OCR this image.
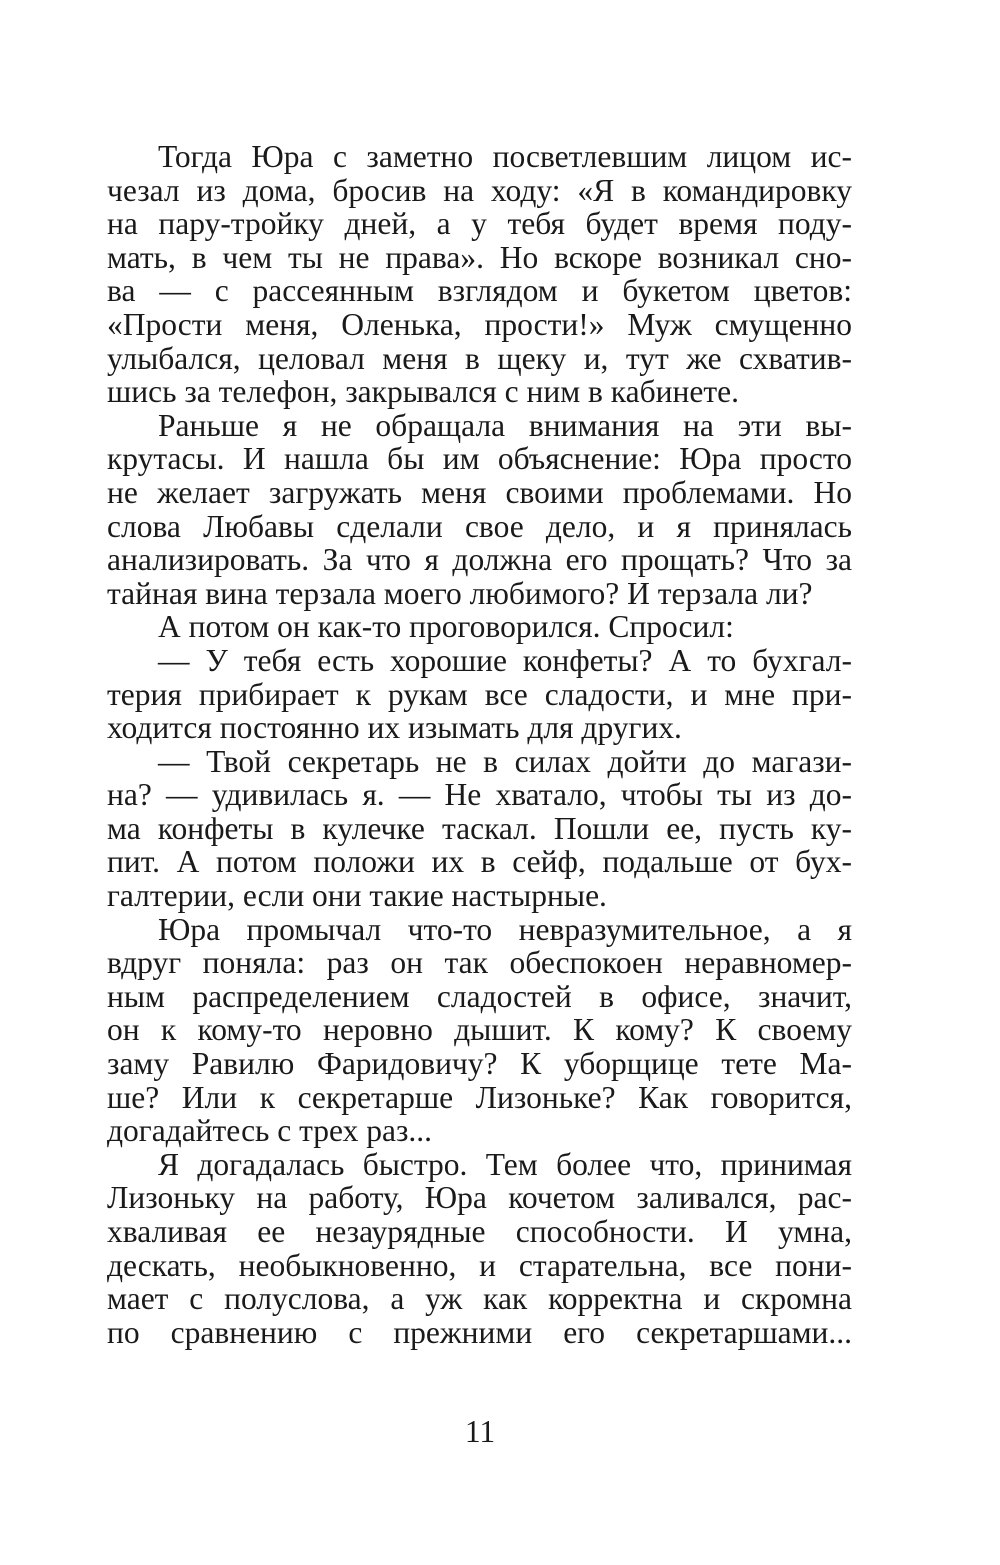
Тогда Юра с заметно посветлевшим лицом ис-
чезал из дома, бросив на ходу: «Я в командировку
на пару-тройку дней, а у тебя будет время поду-
мать, в чем ты не права». Но вскоре возникал сно-
ва — с рассеянным взглядом и букетом цветов:
«Прости меня, Оленька, прости!» Муж смущенно
улыбался, целовал меня в щеку и, тут же схватив-
шись за телефон, закрывался с ним в кабинете.
Раньше я не обращала внимания на эти вы-
крутасы. И нашла бы им объяснение: Юра просто
не желает загружать меня своими проблемами. Но
слова Любавы сделали свое дело, и я принялась
анализировать. За что я должна его прощать? Что за
тайная вина терзала моего любимого? И терзала ли?
А потом он как-то проговорился. Спросил:
— У тебя есть хорошие конфеты? А то бухгал-
терия прибирает к рукам все сладости, и мне при-
ходится постоянно их изымать для других.
— Твой секретарь не в силах дойти до магази-
на? — удивилась я. — Не хватало, чтобы ты из до-
ма конфеты в кулечке таскал. Пошли ее, пусть ку-
пит. А потом положи их в сейф, подальше от бух-
галтерии, если они такие настырные.
Юра промычал что-то невразумительное, а я
вдруг поняла: раз он так обеспокоен неравномер-
ным распределением сладостей в офисе, значит,
он к кому-то неровно дышит. К кому? К своему
заму Равилю Фаридовичу? К уборщице тете Ма-
ше? Или к секретарше Лизоньке? Как говорится,
догадайтесь с трех раз...
Я догадалась быстро. Тем более что, принимая
Лизоньку на работу, Юра кочетом заливался, рас-
хваливая ее незаурядные способности. И умна,
дескать, необыкновенно, и старательна, все пони-
мает с полуслова, а уж как корректна и скромна
по сравнению с прежними его секретаршами...
11
